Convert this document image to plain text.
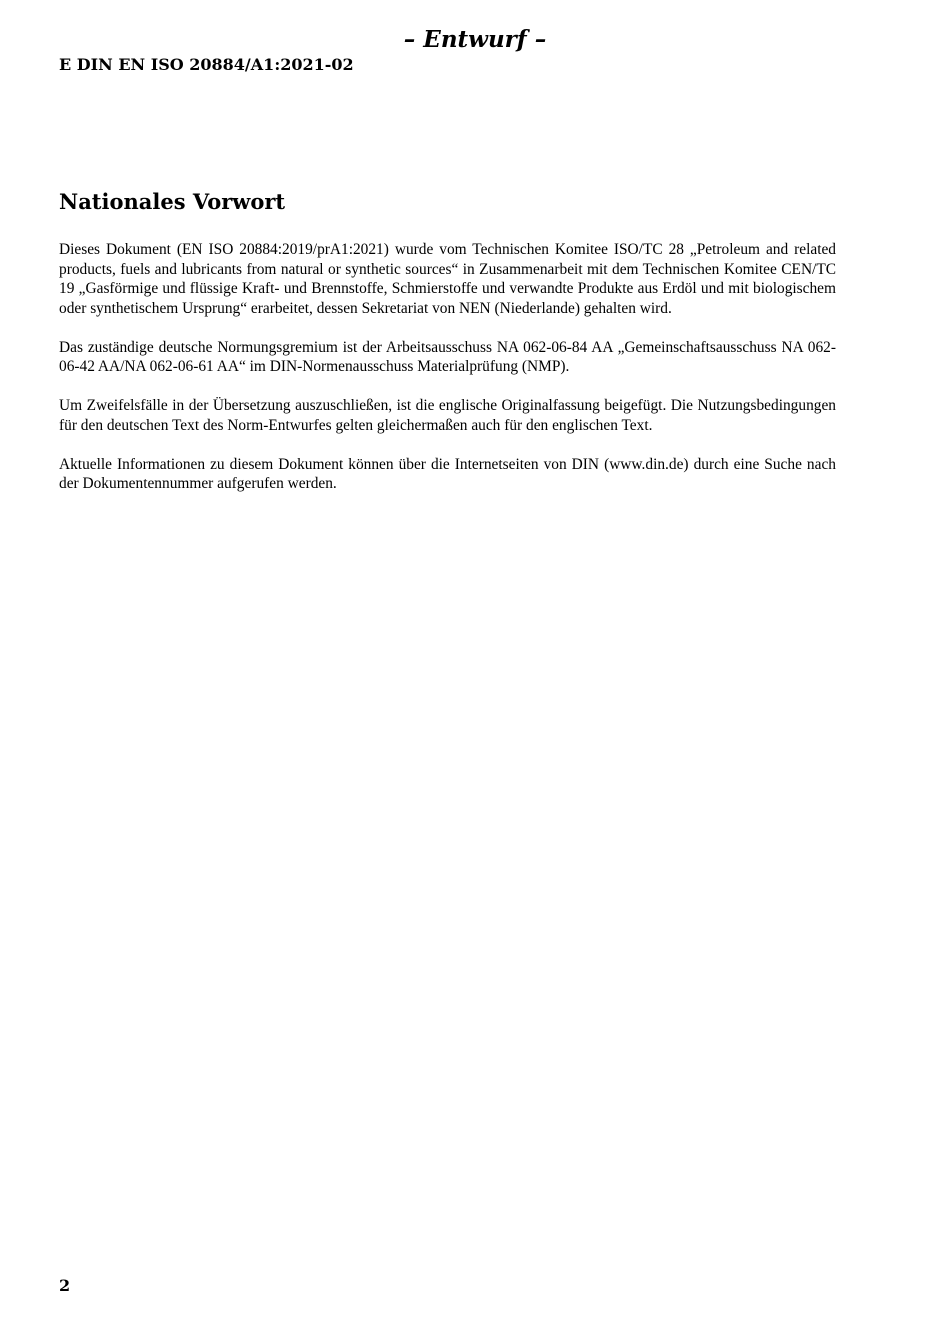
– Entwurf –
E DIN EN ISO 20884/A1:2021-02
Nationales Vorwort

Dieses Dokument (EN ISO 20884:2019/prA1:2021) wurde vom Technischen Komitee ISO/TC 28 „Petroleum and related products, fuels and lubricants from natural or synthetic sources“ in Zusammenarbeit mit dem Technischen Komitee CEN/TC 19 „Gasförmige und flüssige Kraft- und Brennstoffe, Schmierstoffe und verwandte Produkte aus Erdöl und mit biologischem oder synthetischem Ursprung“ erarbeitet, dessen Sekretariat von NEN (Niederlande) gehalten wird.

Das zuständige deutsche Normungsgremium ist der Arbeitsausschuss NA 062-06-84 AA „Gemeinschaftsausschuss NA 062-06-42 AA/NA 062-06-61 AA“ im DIN-Normenausschuss Materialprüfung (NMP).

Um Zweifelsfälle in der Übersetzung auszuschließen, ist die englische Originalfassung beigefügt. Die Nutzungsbedingungen für den deutschen Text des Norm-Entwurfes gelten gleichermaßen auch für den englischen Text.

Aktuelle Informationen zu diesem Dokument können über die Internetseiten von DIN (www.din.de) durch eine Suche nach der Dokumentennummer aufgerufen werden.

2
